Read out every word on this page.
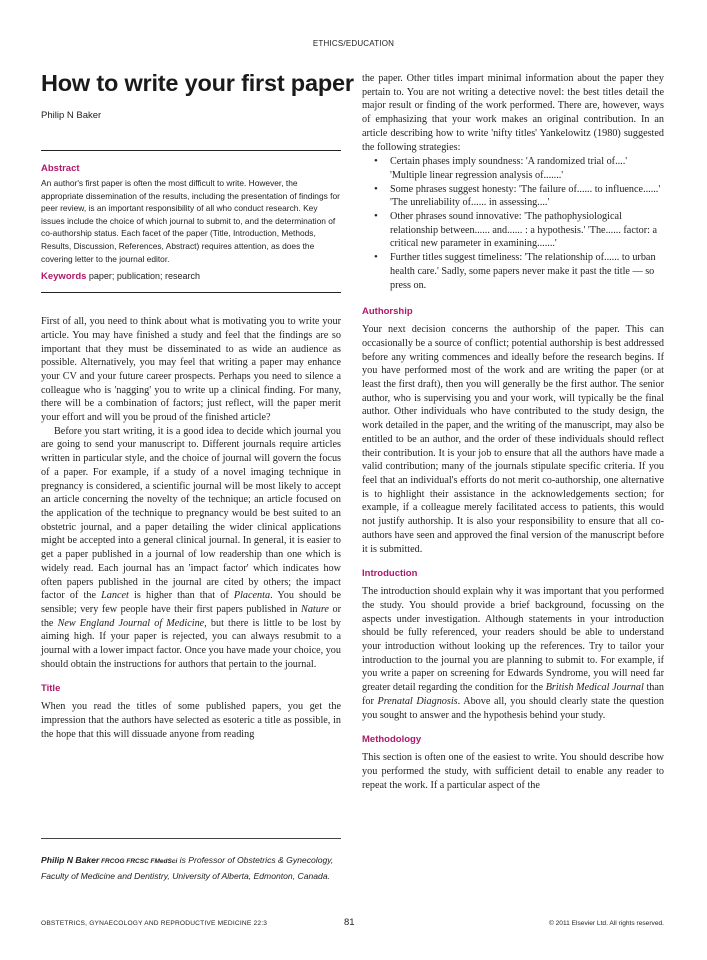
ETHICS/EDUCATION
How to write your first paper
Philip N Baker
Abstract
An author's first paper is often the most difficult to write. However, the appropriate dissemination of the results, including the presentation of findings for peer review, is an important responsibility of all who conduct research. Key issues include the choice of which journal to submit to, and the determination of co-authorship status. Each facet of the paper (Title, Introduction, Methods, Results, Discussion, References, Abstract) requires attention, as does the covering letter to the journal editor.
Keywords paper; publication; research

First of all, you need to think about what is motivating you to write your article. You may have finished a study and feel that the findings are so important that they must be disseminated to as wide an audience as possible. Alternatively, you may feel that writing a paper may enhance your CV and your future career prospects. Perhaps you need to silence a colleague who is 'nagging' you to write up a clinical finding. For many, there will be a combination of factors; just reflect, will the paper merit your effort and will you be proud of the finished article?

Before you start writing, it is a good idea to decide which journal you are going to send your manuscript to. Different journals require articles written in particular style, and the choice of journal will govern the focus of a paper. For example, if a study of a novel imaging technique in pregnancy is considered, a scientific journal will be most likely to accept an article concerning the novelty of the technique; an article focused on the application of the technique to pregnancy would be best suited to an obstetric journal, and a paper detailing the wider clinical applications might be accepted into a general clinical journal. In general, it is easier to get a paper published in a journal of low readership than one which is widely read. Each journal has an 'impact factor' which indicates how often papers published in the journal are cited by others; the impact factor of the Lancet is higher than that of Placenta. You should be sensible; very few people have their first papers published in Nature or the New England Journal of Medicine, but there is little to be lost by aiming high. If your paper is rejected, you can always resubmit to a journal with a lower impact factor. Once you have made your choice, you should obtain the instructions for authors that pertain to the journal.

Title

When you read the titles of some published papers, you get the impression that the authors have selected as esoteric a title as possible, in the hope that this will dissuade anyone from reading

Philip N Baker FRCOG FRCSC FMedSci is Professor of Obstetrics & Gynecology, Faculty of Medicine and Dentistry, University of Alberta, Edmonton, Canada.

the paper. Other titles impart minimal information about the paper they pertain to. You are not writing a detective novel: the best titles detail the major result or finding of the work performed. There are, however, ways of emphasizing that your work makes an original contribution. In an article describing how to write 'nifty titles' Yankelowitz (1980) suggested the following strategies:

• Certain phases imply soundness: 'A randomized trial of....' 'Multiple linear regression analysis of.......'
• Some phrases suggest honesty: 'The failure of...... to influence......' 'The unreliability of...... in assessing....'
• Other phrases sound innovative: 'The pathophysiological relationship between...... and...... : a hypothesis.' 'The...... factor: a critical new parameter in examining.......'
• Further titles suggest timeliness: 'The relationship of...... to urban health care.' Sadly, some papers never make it past the title — so press on.
Authorship

Your next decision concerns the authorship of the paper. This can occasionally be a source of conflict; potential authorship is best addressed before any writing commences and ideally before the research begins. If you have performed most of the work and are writing the paper (or at least the first draft), then you will generally be the first author. The senior author, who is supervising you and your work, will typically be the final author. Other individuals who have contributed to the study design, the work detailed in the paper, and the writing of the manuscript, may also be entitled to be an author, and the order of these individuals should reflect their contribution. It is your job to ensure that all the authors have made a valid contribution; many of the journals stipulate specific criteria. If you feel that an individual's efforts do not merit co-authorship, one alternative is to highlight their assistance in the acknowledgements section; for example, if a colleague merely facilitated access to patients, this would not justify authorship. It is also your responsibility to ensure that all co-authors have seen and approved the final version of the manuscript before it is submitted.

Introduction

The introduction should explain why it was important that you performed the study. You should provide a brief background, focussing on the aspects under investigation. Although statements in your introduction should be fully referenced, your readers should be able to understand your introduction without looking up the references. Try to tailor your introduction to the journal you are planning to submit to. For example, if you write a paper on screening for Edwards Syndrome, you will need far greater detail regarding the condition for the British Medical Journal than for Prenatal Diagnosis. Above all, you should clearly state the question you sought to answer and the hypothesis behind your study.

Methodology

This section is often one of the easiest to write. You should describe how you performed the study, with sufficient detail to enable any reader to repeat the work. If a particular aspect of the

OBSTETRICS, GYNAECOLOGY AND REPRODUCTIVE MEDICINE 22:3	81	© 2011 Elsevier Ltd. All rights reserved.
